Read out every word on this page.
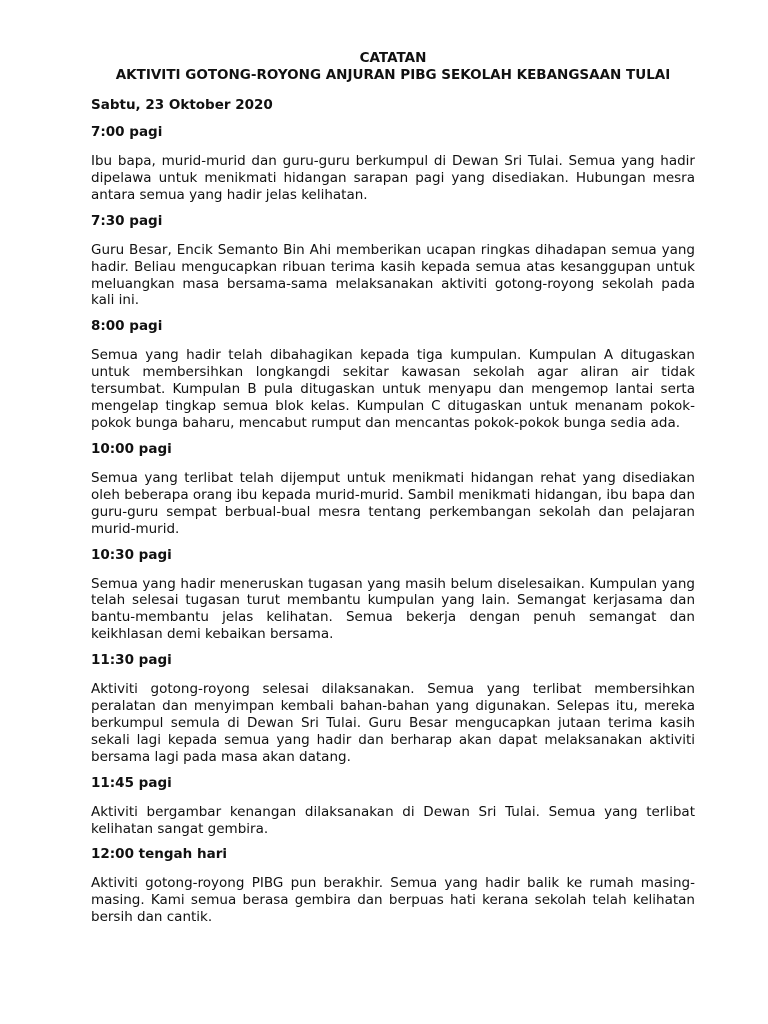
CATATAN
AKTIVITI GOTONG-ROYONG ANJURAN PIBG SEKOLAH KEBANGSAAN TULAI
Sabtu, 23 Oktober 2020
7:00 pagi

Ibu bapa, murid-murid dan guru-guru berkumpul di Dewan Sri Tulai. Semua yang hadir dipelawa untuk menikmati hidangan sarapan pagi yang disediakan. Hubungan mesra antara semua yang hadir jelas kelihatan.

7:30 pagi

Guru Besar, Encik Semanto Bin Ahi memberikan ucapan ringkas dihadapan semua yang hadir. Beliau mengucapkan ribuan terima kasih kepada semua atas kesanggupan untuk meluangkan masa bersama-sama melaksanakan aktiviti gotong-royong sekolah pada kali ini.

8:00 pagi

Semua yang hadir telah dibahagikan kepada tiga kumpulan. Kumpulan A ditugaskan untuk membersihkan longkangdi sekitar kawasan sekolah agar aliran air tidak tersumbat. Kumpulan B pula ditugaskan untuk menyapu dan mengemop lantai serta mengelap tingkap semua blok kelas. Kumpulan C ditugaskan untuk menanam pokok-pokok bunga baharu, mencabut rumput dan mencantas pokok-pokok bunga sedia ada.

10:00 pagi

Semua yang terlibat telah dijemput untuk menikmati hidangan rehat yang disediakan oleh beberapa orang ibu kepada murid-murid. Sambil menikmati hidangan, ibu bapa dan guru-guru sempat berbual-bual mesra tentang perkembangan sekolah dan pelajaran murid-murid.

10:30 pagi

Semua yang hadir meneruskan tugasan yang masih belum diselesaikan. Kumpulan yang telah selesai tugasan turut membantu kumpulan yang lain. Semangat kerjasama dan bantu-membantu jelas kelihatan. Semua bekerja dengan penuh semangat dan keikhlasan demi kebaikan bersama.

11:30 pagi

Aktiviti gotong-royong selesai dilaksanakan. Semua yang terlibat membersihkan peralatan dan menyimpan kembali bahan-bahan yang digunakan. Selepas itu, mereka berkumpul semula di Dewan Sri Tulai. Guru Besar mengucapkan jutaan terima kasih sekali lagi kepada semua yang hadir dan berharap akan dapat melaksanakan aktiviti bersama lagi pada masa akan datang.

11:45 pagi

Aktiviti bergambar kenangan dilaksanakan di Dewan Sri Tulai. Semua yang terlibat kelihatan sangat gembira.

12:00 tengah hari

Aktiviti gotong-royong PIBG pun berakhir. Semua yang hadir balik ke rumah masing-masing. Kami semua berasa gembira dan berpuas hati kerana sekolah telah kelihatan bersih dan cantik.
